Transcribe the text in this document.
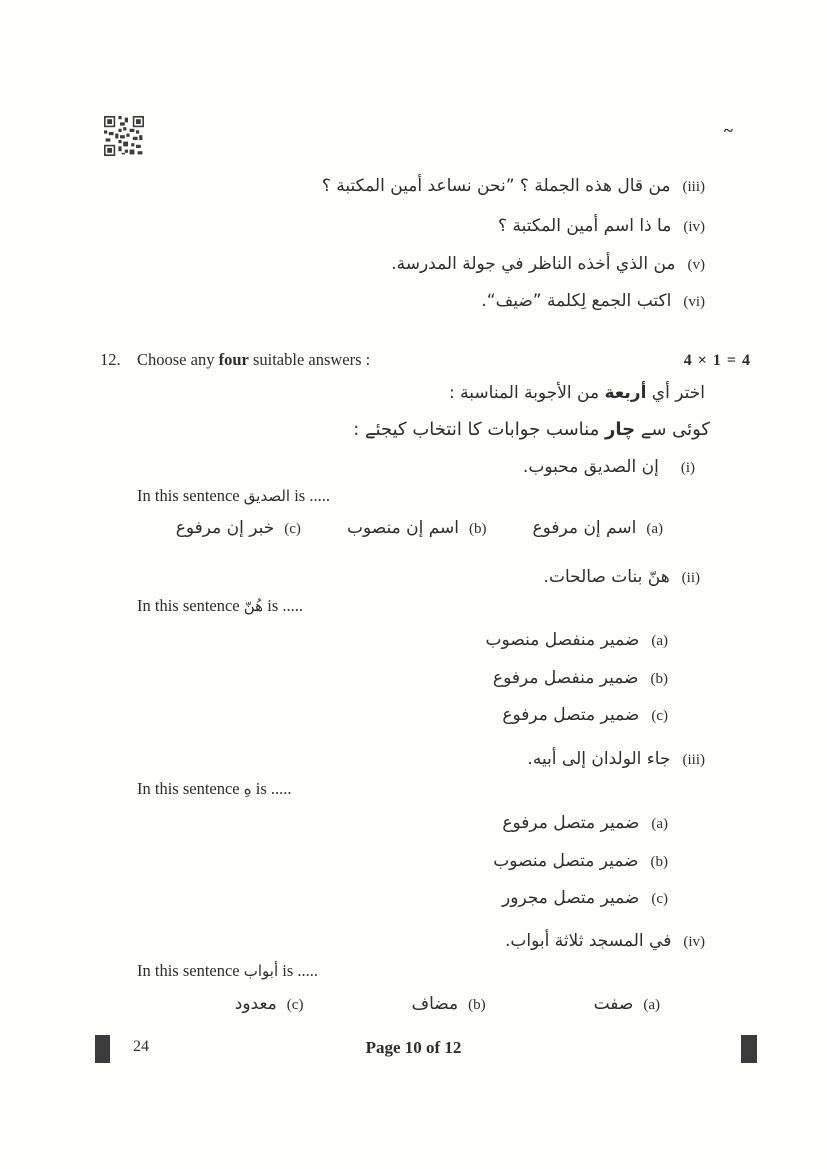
~
(iii)من قال هذه الجملة ؟ ”نحن نساعد أمين المكتبة ؟
(iv)ما ذا اسم أمين المكتبة ؟
(v)من الذي أخذه الناظر في جولة المدرسة.
(vi)اكتب الجمع لِكلمة ”ضيف“.
12. Choose any four suitable answers :	4 × 1 = 4
اختر أي أربعة من الأجوبة المناسبة :
کوئی سے چار مناسب جوابات کا انتخاب کیجئے :
(i)إن الصديق محبوب.
In this sentence الصديق is .....
(a)اسم إن مرفوع
(b)اسم إن منصوب
(c)خبر إن مرفوع
(ii)هنّ بنات صالحات.
In this sentence هُنّ is .....
(a)ضمير منفصل منصوب
(b)ضمير منفصل مرفوع
(c)ضمير متصل مرفوع
(iii)جاء الولدان إلى أبيه.
In this sentence هِ is .....
(a)ضمير متصل مرفوع
(b)ضمير متصل منصوب
(c)ضمير متصل مجرور
(iv)في المسجد ثلاثة أبواب.
In this sentence أبواب is .....
(a)صفت
(b)مضاف
(c)معدود
24	Page 10 of 12
